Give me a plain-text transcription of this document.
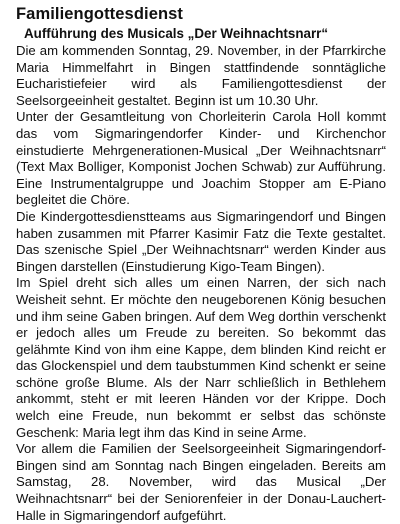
Familiengottesdienst
Aufführung des Musicals „Der Weihnachtsnarr“

Die am kommenden Sonntag, 29. November, in der Pfarrkirche Maria Himmelfahrt in Bingen stattfindende sonntägliche Eucharistiefeier wird als Familiengottesdienst der Seelsorgeeinheit gestaltet. Beginn ist um 10.30 Uhr.

Unter der Gesamtleitung von Chorleiterin Carola Holl kommt das vom Sigmaringendorfer Kinder- und Kirchenchor einstudierte Mehrgenerationen-Musical „Der Weihnachtsnarr“ (Text Max Bolliger, Komponist Jochen Schwab) zur Aufführung. Eine Instrumentalgruppe und Joachim Stopper am E-Piano begleitet die Chöre.

Die Kindergottesdienstteams aus Sigmaringendorf und Bingen haben zusammen mit Pfarrer Kasimir Fatz die Texte gestaltet. Das szenische Spiel „Der Weihnachtsnarr“ werden Kinder aus Bingen darstellen (Einstudierung Kigo-Team Bingen).

Im Spiel dreht sich alles um einen Narren, der sich nach Weisheit sehnt. Er möchte den neugeborenen König besuchen und ihm seine Gaben bringen. Auf dem Weg dorthin verschenkt er jedoch alles um Freude zu bereiten. So bekommt das gelähmte Kind von ihm eine Kappe, dem blinden Kind reicht er das Glockenspiel und dem taubstummen Kind schenkt er seine schöne große Blume. Als der Narr schließlich in Bethlehem ankommt, steht er mit leeren Händen vor der Krippe. Doch welch eine Freude, nun bekommt er selbst das schönste Geschenk: Maria legt ihm das Kind in seine Arme.

Vor allem die Familien der Seelsorgeeinheit Sigmaringendorf-Bingen sind am Sonntag nach Bingen eingeladen. Bereits am Samstag, 28. November, wird das Musical „Der Weihnachtsnarr“ bei der Seniorenfeier in der Donau-Lauchert-Halle in Sigmaringendorf aufgeführt.
